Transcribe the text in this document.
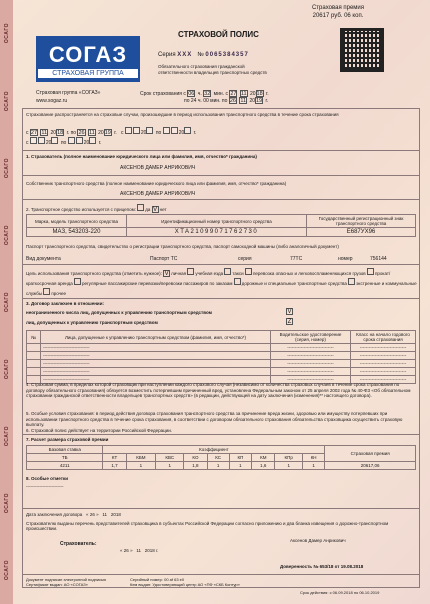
ОСАГО
ОСАГО
ОСАГО
ОСАГО
ОСАГО
ОСАГО
ОСАГО
ОСАГО
ОСАГО
Страховая премия
20617 руб. 06 коп.
СОГАЗ
СТРАХОВАЯ ГРУППА
Страховая группа «СОГАЗ»
www.sogaz.ru
СТРАХОВОЙ ПОЛИС
Серия ХХХ № 0065384357
Обязательного страхования гражданской ответственности владельцев транспортных средств
Срок страхования с 06 ч. 32 мин. с 27 11 2018 г.
по 24 ч. 00 мин. по 26 11 2019 г.
Страхование распространяется на страховые случаи, произошедшие в период использования транспортного средства в течение срока страхования
с 27 11 2018 г. по 26 11 2019 г. с	20 по	20 г.
с	20 по	20 г.
1. Страхователь (полное наименование юридического лица или фамилия, имя, отчество* гражданина)
АКСЕНОВ ДАМЕР АНРИКОВИЧ
Собственник транспортного средства (полное наименование юридического лица или фамилия, имя, отчество* гражданина)
АКСЕНОВ ДАМЕР АНРИКОВИЧ
2. Транспортное средство используется с прицепом: да V нет
Марка, модель транспортного средства	Идентификационный номер транспортного средства	Государственный регистрационный знак транспортного средства
МАЗ, 543203-220	XTA21099071762730	Е687УХ96
Паспорт транспортного средства, свидетельство о регистрации транспортного средства, паспорт самоходной машины (либо аналогичный документ)
Вид документа	Паспорт ТС	серия	77ТС	номер	756144
Цель использования транспортного средства (отметить нужное): V личная учебная езда такси перевозка опасных и легковоспламеняющихся грузов прокат/краткосрочная аренда регулярные пассажирские перевозки/перевозки пассажиров по заказам дорожные и специальные транспортные средства экстренные и коммунальные службы прочее
3. Договор заключен в отношении:
неограниченного числа лиц, допущенных к управлению транспортным средством	V
лиц, допущенных к управлению транспортным средством	Z
№	Лица, допущенные к управлению транспортным средством (фамилия, имя, отчество*)	Водительское удостоверение (серия, номер)	Класс на начало годового срока страхования
	-------------------------------	-------------------------------	-------------------------------
	-------------------------------	-------------------------------	-------------------------------
	-------------------------------	-------------------------------	-------------------------------
	-------------------------------	-------------------------------	-------------------------------
	-------------------------------	-------------------------------	-------------------------------
4. Страховая сумма, в пределах которой страховщик при наступлении каждого страхового случая (независимо от количества страховых случаев в течение срока страхования по договору обязательного страхования) обязуется возместить потерпевшим причиненный вред, установлена Федеральным законом от 25 апреля 2002 года № 40-ФЗ «Об обязательном страховании гражданской ответственности владельцев транспортных средств» (в редакции, действующей на дату заключения (изменения)** настоящего договора).
5. Особые условия страхования: в период действия договора страхования транспортного средства за причинение вреда жизни, здоровью или имуществу потерпевших при использовании транспортного средства в течение срока страхования, в соответствии с договором обязательного страхования обязательства страховщика осуществить страховую выплату.
6. Страховой полис действует на территории Российской Федерации.
7. Расчет размера страховой премии
Базовая ставка	Коэффициент									Страховая премия
ТБ	КТ	КБМ	КВС	КО	КС	КП	КМ	КПр	КН	
4211	1,7	1	1	1,8	1	1	1,6	1	1	20617,06
8. Особые отметки
-------------------------
Дата заключения договора « 26 » 11 2018
Страхователю выданы перечень представителей страховщика в субъектах Российской Федерации согласно приложению и два бланка извещения о дорожно-транспортном происшествии.
Страхователь:
« 26 » 11 2018 г.
Аксенов Дамер Анрикович
Доверенность № 653/18 от 19.08.2018
Документ подписан электронной подписью
Сертификат выдан: АО «СОГАЗ»
Серийный номер: 00 af 63 e0
Кем выдан: Удостоверяющий центр АО «ПФ «СКБ Контур»
Срок действия: с 06.09.2018 по 06.10.2019
